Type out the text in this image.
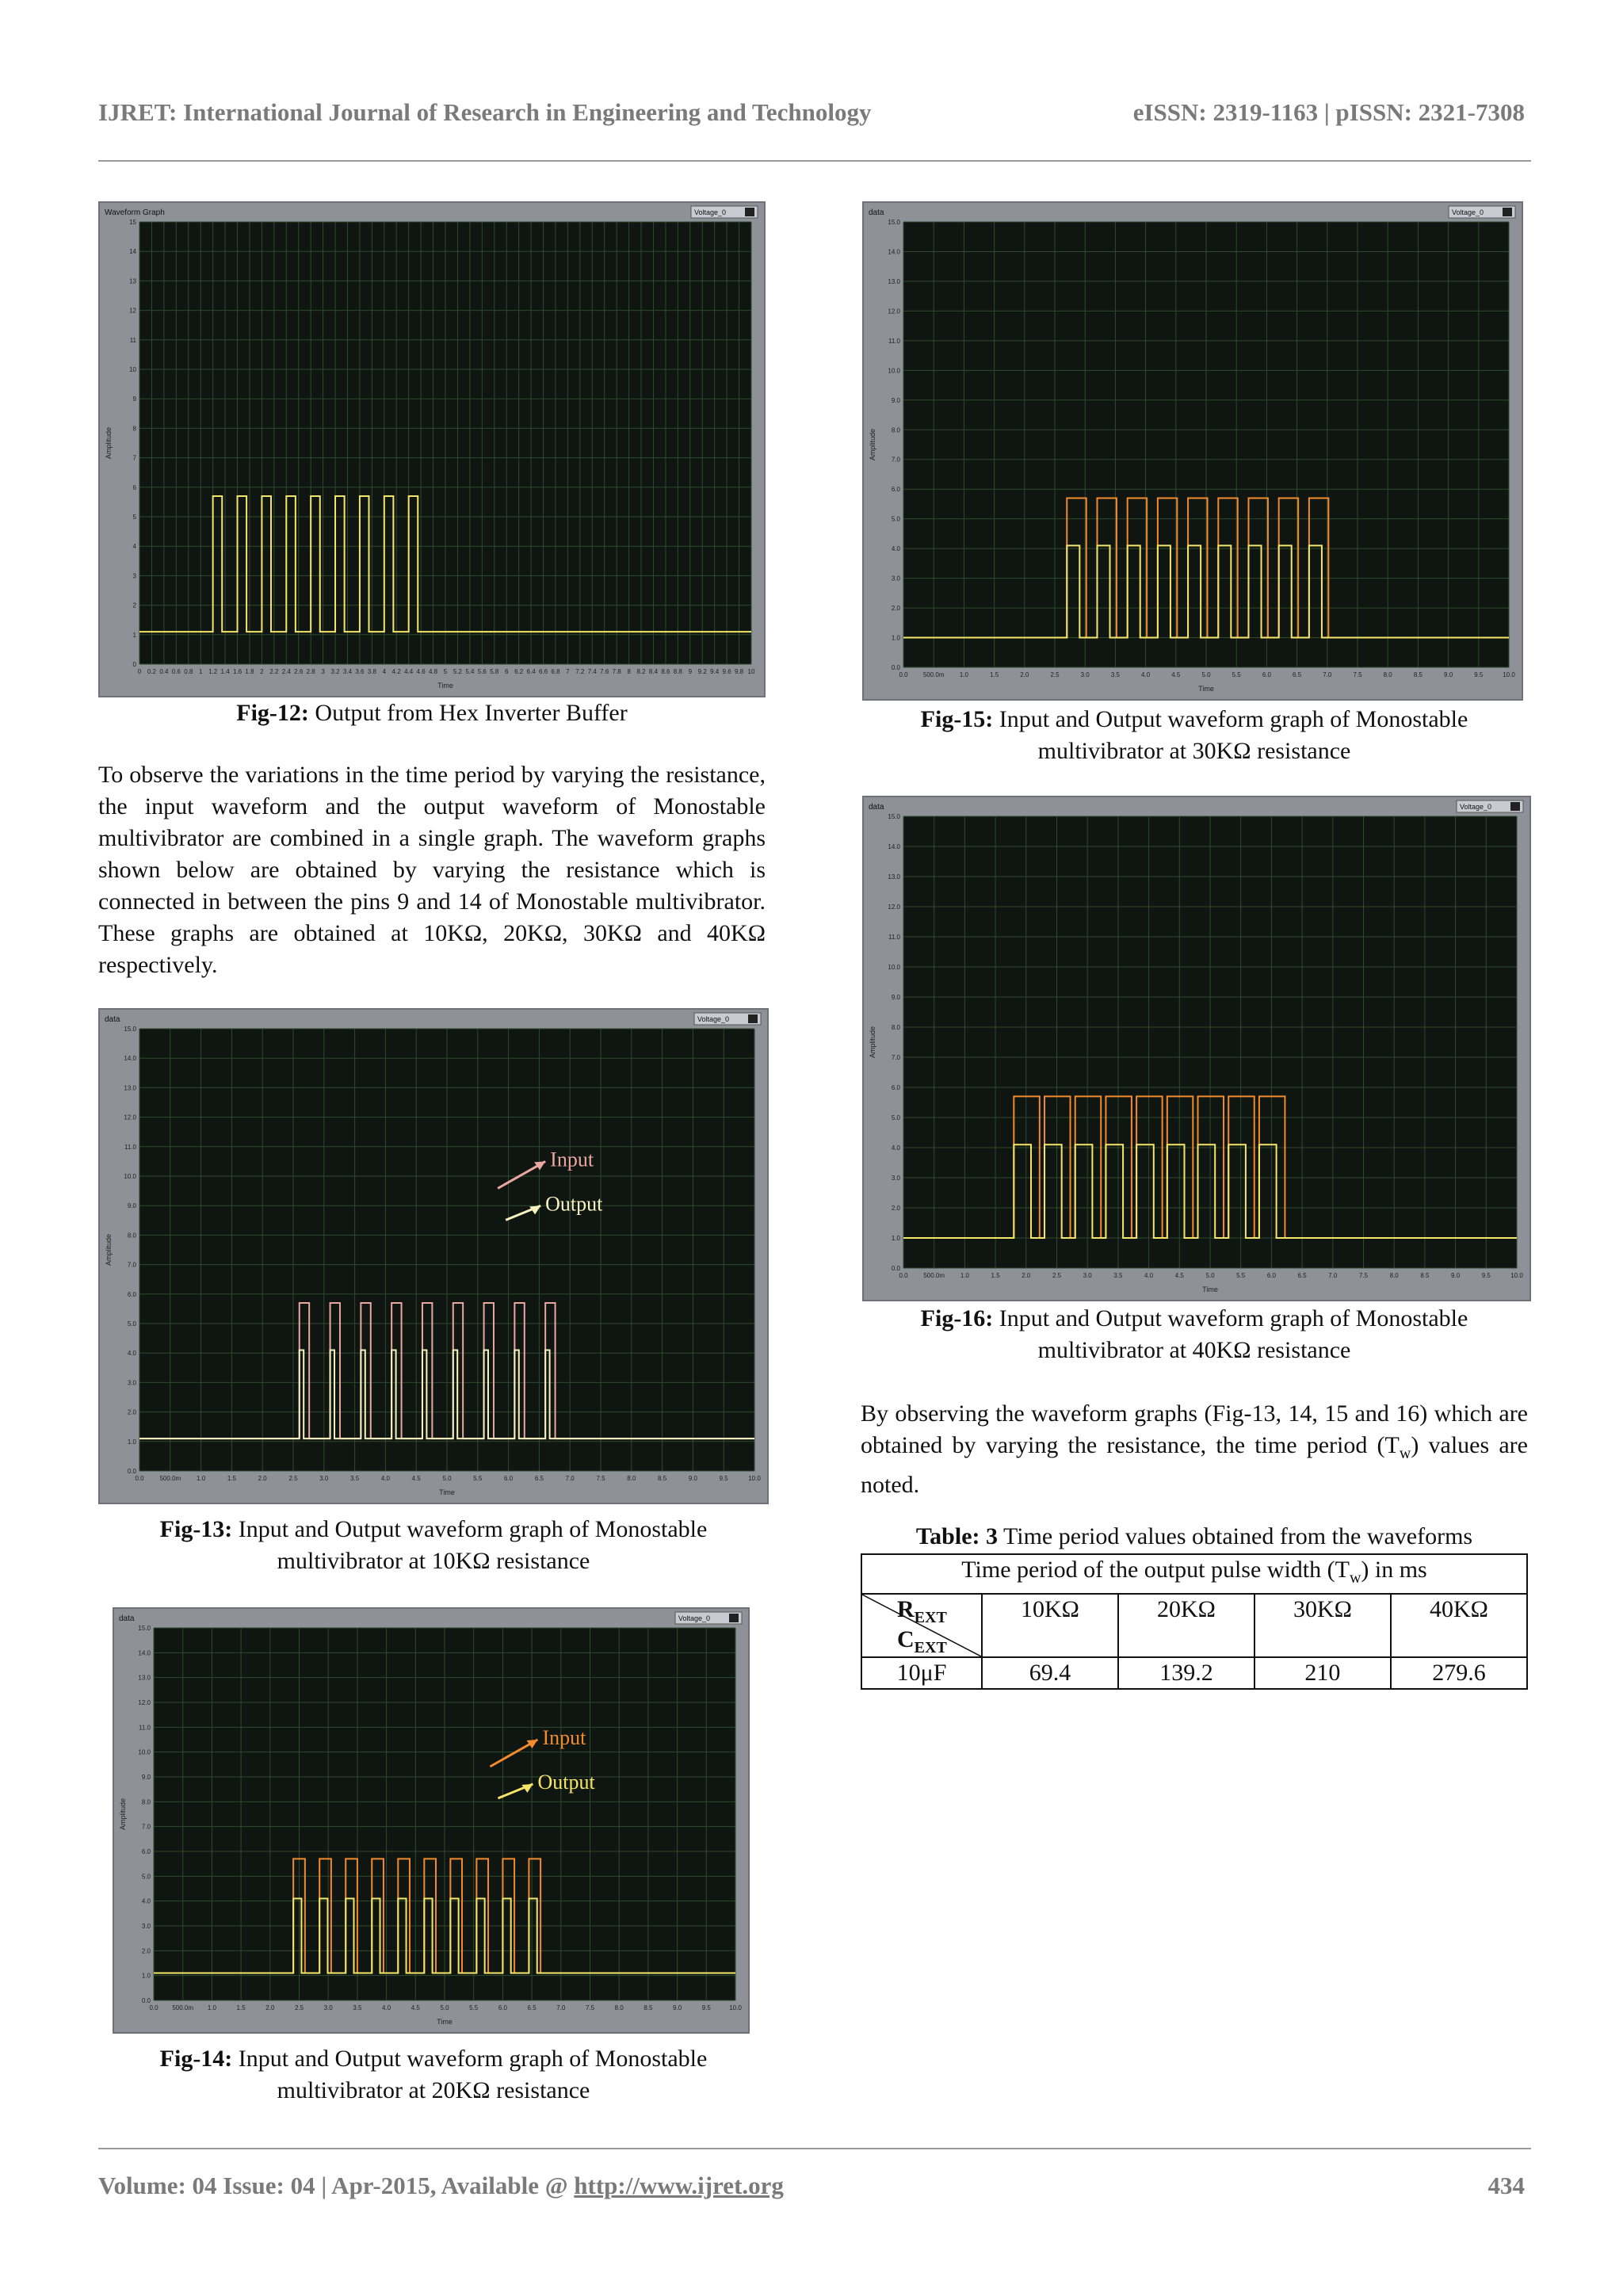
IJRET: International Journal of Research in Engineering and Technology	eISSN: 2319-1163 | pISSN: 2321-7308
Waveform Graph	Voltage_0
0
1
2
3
4
5
6
7
8
9
10
11
12
13
14
15
0 0.2 0.4 0.6 0.8 1 1.2 1.4 1.6 1.8 2 2.2 2.4 2.6 2.8 3 3.2 3.4 3.6 3.8 4 4.2 4.4 4.6 4.8 5 5.2 5.4 5.6 5.8 6 6.2 6.4 6.6 6.8 7 7.2 7.4 7.6 7.8 8 8.2 8.4 8.6 8.8 9 9.2 9.4 9.6 9.8 10
Amplitude
Time
Fig-12: Output from Hex Inverter Buffer
To observe the variations in the time period by varying the resistance, the input waveform and the output waveform of Monostable multivibrator are combined in a single graph. The waveform graphs shown below are obtained by varying the resistance which is connected in between the pins 9 and 14 of Monostable multivibrator. These graphs are obtained at 10KΩ, 20KΩ, 30KΩ and 40KΩ respectively.
data	Voltage_0
0.0
1.0
2.0
3.0
4.0
5.0
6.0
7.0
8.0
9.0
10.0
11.0
12.0
13.0
14.0
15.0
0.0 500.0m 1.0	1.5	2.0	2.5	3.0	3.5	4.0	4.5	5.0	5.5	6.0	6.5	7.0	7.5	8.0	8.5	9.0	9.5	10.0
Amplitude
Time
Input
Output
Fig-13: Input and Output waveform graph of Monostable
multivibrator at 10KΩ resistance
data	Voltage_0
0.0
1.0
2.0
3.0
4.0
5.0
6.0
7.0
8.0
9.0
10.0
11.0
12.0
13.0
14.0
15.0
0.0 500.0m 1.0	1.5	2.0	2.5	3.0	3.5	4.0	4.5	5.0	5.5	6.0	6.5	7.0	7.5	8.0	8.5	9.0	9.5	10.0
Amplitude
Time
Input
Output
Fig-14: Input and Output waveform graph of Monostable
multivibrator at 20KΩ resistance
data	Voltage_0
0.0
1.0
2.0
3.0
4.0
5.0
6.0
7.0
8.0
9.0
10.0
11.0
12.0
13.0
14.0
15.0
0.0 500.0m 1.0	1.5	2.0	2.5	3.0	3.5	4.0	4.5	5.0	5.5	6.0	6.5	7.0	7.5	8.0	8.5	9.0	9.5	10.0
Amplitude
Time
Fig-15: Input and Output waveform graph of Monostable
multivibrator at 30KΩ resistance
data	Voltage_0
0.0
1.0
2.0
3.0
4.0
5.0
6.0
7.0
8.0
9.0
10.0
11.0
12.0
13.0
14.0
15.0
0.0 500.0m 1.0	1.5	2.0	2.5	3.0	3.5	4.0	4.5	5.0	5.5	6.0	6.5	7.0	7.5	8.0	8.5	9.0	9.5	10.0
Amplitude
Time
Fig-16: Input and Output waveform graph of Monostable
multivibrator at 40KΩ resistance
By observing the waveform graphs (Fig-13, 14, 15 and 16) which are obtained by varying the resistance, the time period $(T_w)$ values are noted.
Table: 3 Time period values obtained from the waveforms
Time period of the output pulse width $(T_w)$ in ms				

$R_{EXT}$
$C_{EXT}$	10KΩ	20KΩ	30KΩ	40KΩ
10μF	69.4	139.2	210	279.6
Volume: 04 Issue: 04 | Apr-2015, Available @ http://www.ijret.org	434
